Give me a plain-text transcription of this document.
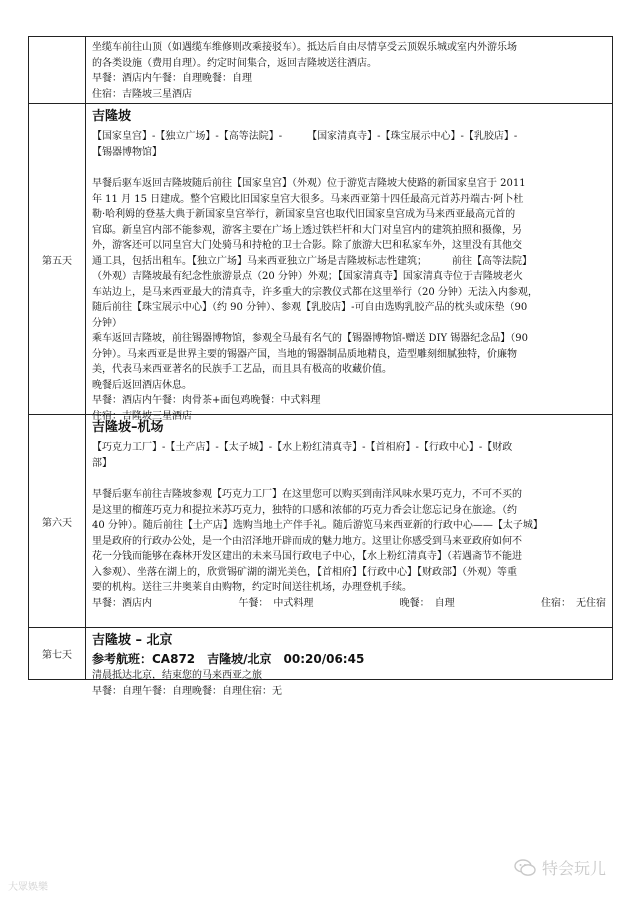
坐缆车前往山顶（如遇缆车维修则改乘接驳车）。抵达后自由尽情享受云顶娱乐城或室内外游乐场

的各类设施（费用自理）。约定时间集合，返回吉隆坡送往酒店。

早餐：酒店内午餐：自理晚餐：自理

住宿：吉隆坡三星酒店

第五天

吉隆坡

【国家皇宫】-【独立广场】-【高等法院】-　　　【国家清真寺】-【珠宝展示中心】-【乳胶店】-

【锡器博物馆】

早餐后驱车返回吉隆坡随后前往【国家皇宫】（外观）位于游览吉隆坡大使路的新国家皇宫于 2011

年 11 月 15 日建成。整个宫殿比旧国家皇宫大很多。马来西亚第十四任最高元首苏丹端古·阿卜杜

勒·哈利姆的登基大典于新国家皇宫举行，新国家皇宫也取代旧国家皇宫成为马来西亚最高元首的

官邸。新皇宫内部不能参观，游客主要在广场上透过铁栏杆和大门对皇宫内的建筑拍照和摄像，另

外，游客还可以同皇宫大门处骑马和持枪的卫士合影。除了旅游大巴和私家车外，这里没有其他交

通工具，包括出租车。【独立广场】马来西亚独立广场是吉隆坡标志性建筑；　　　前往【高等法院】

（外观）吉隆坡最有纪念性旅游景点（20 分钟）外观；【国家清真寺】国家清真寺位于吉隆坡老火

车站边上，是马来西亚最大的清真寺，许多重大的宗教仪式都在这里举行（20 分钟）无法入内参观，

随后前往【珠宝展示中心】（约 90 分钟）、参观【乳胶店】-可自由选购乳胶产品的枕头或床垫（90

分钟）

乘车返回吉隆坡，前往锡器博物馆，参观全马最有名气的【锡器博物馆-赠送 DIY 锡器纪念品】（90

分钟）。马来西亚是世界主要的锡器产国，当地的锡器制品质地精良，造型雕刻细腻独特，价廉物

美，代表马来西亚著名的民族手工艺品，而且具有极高的收藏价值。

晚餐后返回酒店休息。

早餐：酒店内午餐：肉骨茶+面包鸡晚餐：中式料理

住宿：吉隆坡三星酒店

第六天

吉隆坡–机场

【巧克力工厂】-【土产店】-【太子城】-【水上粉红清真寺】-【首相府】-【行政中心】-【财政

部】

早餐后驱车前往吉隆坡参观【巧克力工厂】在这里您可以购买到南洋风味水果巧克力，不可不买的

是这里的榴莲巧克力和提拉米苏巧克力，独特的口感和浓郁的巧克力香会让您忘记身在旅途。（约

40 分钟）。随后前往【土产店】选购当地土产伴手礼。随后游览马来西亚新的行政中心——【太子城】

里是政府的行政办公处，是一个由沼泽地开辟而成的魅力地方。这里让你感受到马来亚政府如何不

花一分钱而能够在森林开发区建出的未来马国行政电子中心，【水上粉红清真寺】（若遇斋节不能进

入参观）、坐落在湖上的，欣赏锡矿湖的湖光美色，【首相府】【行政中心】【财政部】（外观）等重

要的机构。送往三井奥莱自由购物，约定时间送往机场，办理登机手续。

早餐：酒店内	午餐：　中式料理	晚餐：　自理	住宿：　无住宿
第七天

吉隆坡 – 北京

参考航班：CA872　吉隆坡/北京　00:20/06:45

清晨抵达北京，结束您的马来西亚之旅

早餐：自理午餐：自理晚餐：自理住宿：无

特会玩儿
大眾娛樂
